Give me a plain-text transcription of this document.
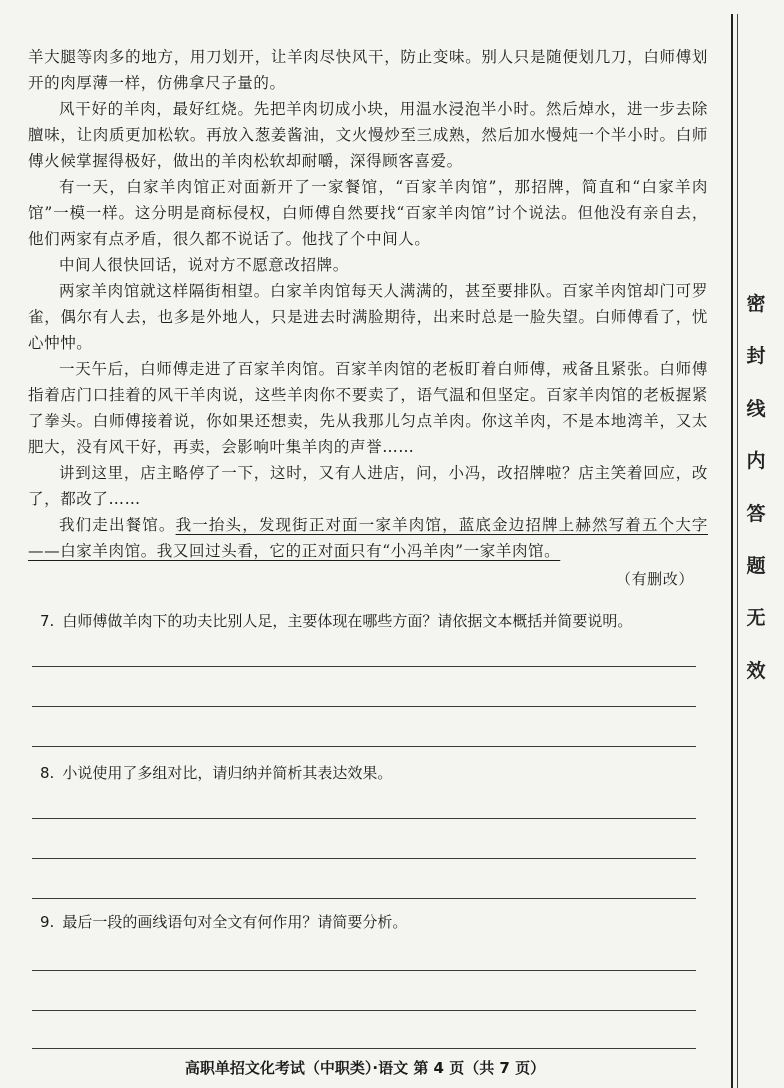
羊大腿等肉多的地方，用刀划开，让羊肉尽快风干，防止变味。别人只是随便划几刀，白师傅划开的肉厚薄一样，仿佛拿尺子量的。

风干好的羊肉，最好红烧。先把羊肉切成小块，用温水浸泡半小时。然后焯水，进一步去除膻味，让肉质更加松软。再放入葱姜酱油，文火慢炒至三成熟，然后加水慢炖一个半小时。白师傅火候掌握得极好，做出的羊肉松软却耐嚼，深得顾客喜爱。

有一天，白家羊肉馆正对面新开了一家餐馆，“百家羊肉馆”，那招牌，简直和“白家羊肉馆”一模一样。这分明是商标侵权，白师傅自然要找“百家羊肉馆”讨个说法。但他没有亲自去，他们两家有点矛盾，很久都不说话了。他找了个中间人。

中间人很快回话，说对方不愿意改招牌。

两家羊肉馆就这样隔街相望。白家羊肉馆每天人满满的，甚至要排队。百家羊肉馆却门可罗雀，偶尔有人去，也多是外地人，只是进去时满脸期待，出来时总是一脸失望。白师傅看了，忧心忡忡。

一天午后，白师傅走进了百家羊肉馆。百家羊肉馆的老板盯着白师傅，戒备且紧张。白师傅指着店门口挂着的风干羊肉说，这些羊肉你不要卖了，语气温和但坚定。百家羊肉馆的老板握紧了拳头。白师傅接着说，你如果还想卖，先从我那儿匀点羊肉。你这羊肉，不是本地湾羊，又太肥大，没有风干好，再卖，会影响叶集羊肉的声誉……

讲到这里，店主略停了一下，这时，又有人进店，问，小冯，改招牌啦？店主笑着回应，改了，都改了……

我们走出餐馆。我一抬头，发现街正对面一家羊肉馆，蓝底金边招牌上赫然写着五个大字——白家羊肉馆。我又回过头看，它的正对面只有“小冯羊肉”一家羊肉馆。

（有删改）

7. 白师傅做羊肉下的功夫比别人足，主要体现在哪些方面？请依据文本概括并简要说明。
8. 小说使用了多组对比，请归纳并简析其表达效果。
9. 最后一段的画线语句对全文有何作用？请简要分析。
高职单招文化考试（中职类）·语文 第 4 页（共 7 页）
密
封
线
内
答
题
无
效
